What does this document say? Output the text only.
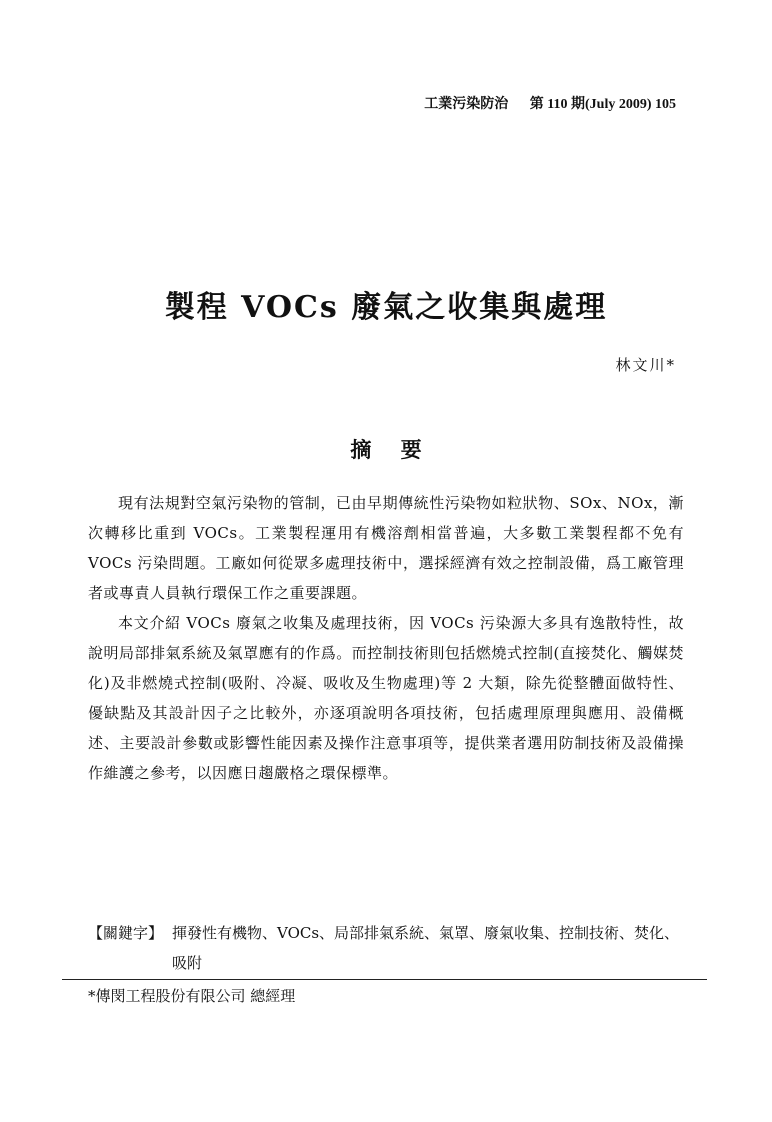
工業污染防治 第 110 期(July 2009) 105
製程 VOCs 廢氣之收集與處理
林文川*
摘 要

現有法規對空氣污染物的管制，已由早期傳統性污染物如粒狀物、SOx、NOx，漸次轉移比重到 VOCs。工業製程運用有機溶劑相當普遍，大多數工業製程都不免有 VOCs 污染問題。工廠如何從眾多處理技術中，選採經濟有效之控制設備，爲工廠管理者或專責人員執行環保工作之重要課題。

本文介紹 VOCs 廢氣之收集及處理技術，因 VOCs 污染源大多具有逸散特性，故說明局部排氣系統及氣罩應有的作爲。而控制技術則包括燃燒式控制(直接焚化、觸媒焚化)及非燃燒式控制(吸附、冷凝、吸收及生物處理)等 2 大類，除先從整體面做特性、優缺點及其設計因子之比較外，亦逐項說明各項技術，包括處理原理與應用、設備概述、主要設計參數或影響性能因素及操作注意事項等，提供業者選用防制技術及設備操作維護之參考，以因應日趨嚴格之環保標準。

【關鍵字】 揮發性有機物、VOCs、局部排氣系統、氣罩、廢氣收集、控制技術、焚化、吸附
*傳閔工程股份有限公司 總經理
